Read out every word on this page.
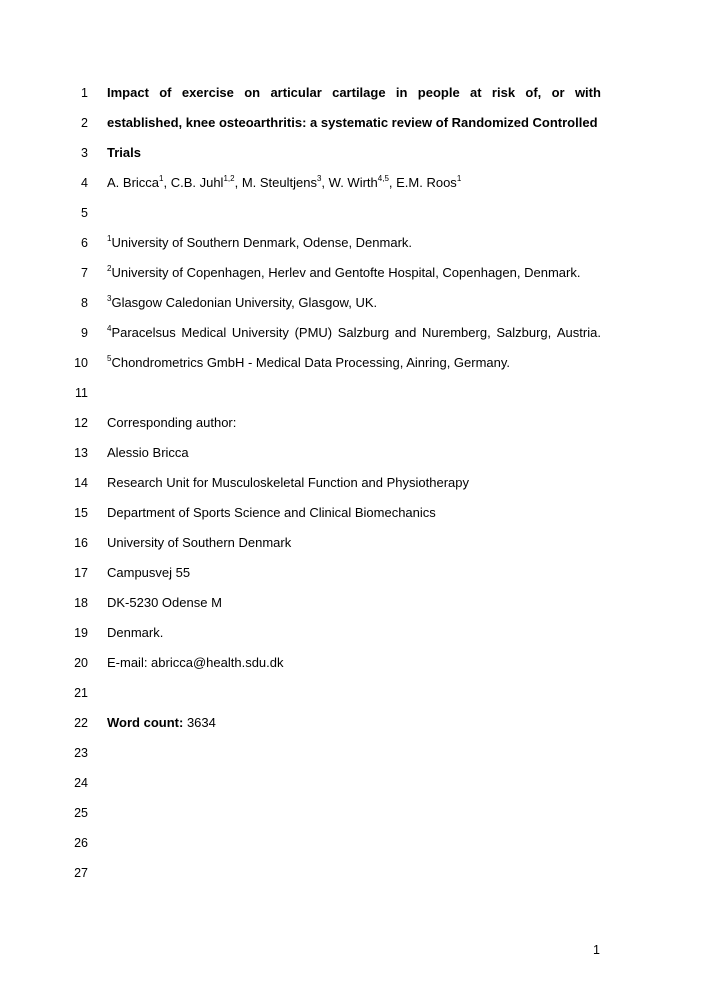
1
2
3
4
5
6
7
8
9
10
11
12
13
14
15
16
17
18
19
20
21
22
23
24
25
26
27
Impact of exercise on articular cartilage in people at risk of, or with
established, knee osteoarthritis: a systematic review of Randomized Controlled
Trials
A. Bricca$^1$, C.B. Juhl$^{1,2}$, M. Steultjens$^3$, W. Wirth$^{4,5}$, E.M. Roos$^1$
$^1$University of Southern Denmark, Odense, Denmark.
$^2$University of Copenhagen, Herlev and Gentofte Hospital, Copenhagen, Denmark.
$^3$Glasgow Caledonian University, Glasgow, UK.
$^4$Paracelsus Medical University (PMU) Salzburg and Nuremberg, Salzburg, Austria.
$^5$Chondrometrics GmbH - Medical Data Processing, Ainring, Germany.
Corresponding author:
Alessio Bricca
Research Unit for Musculoskeletal Function and Physiotherapy
Department of Sports Science and Clinical Biomechanics
University of Southern Denmark
Campusvej 55
DK-5230 Odense M
Denmark.
E-mail: abricca@health.sdu.dk
Word count: 3634
1
